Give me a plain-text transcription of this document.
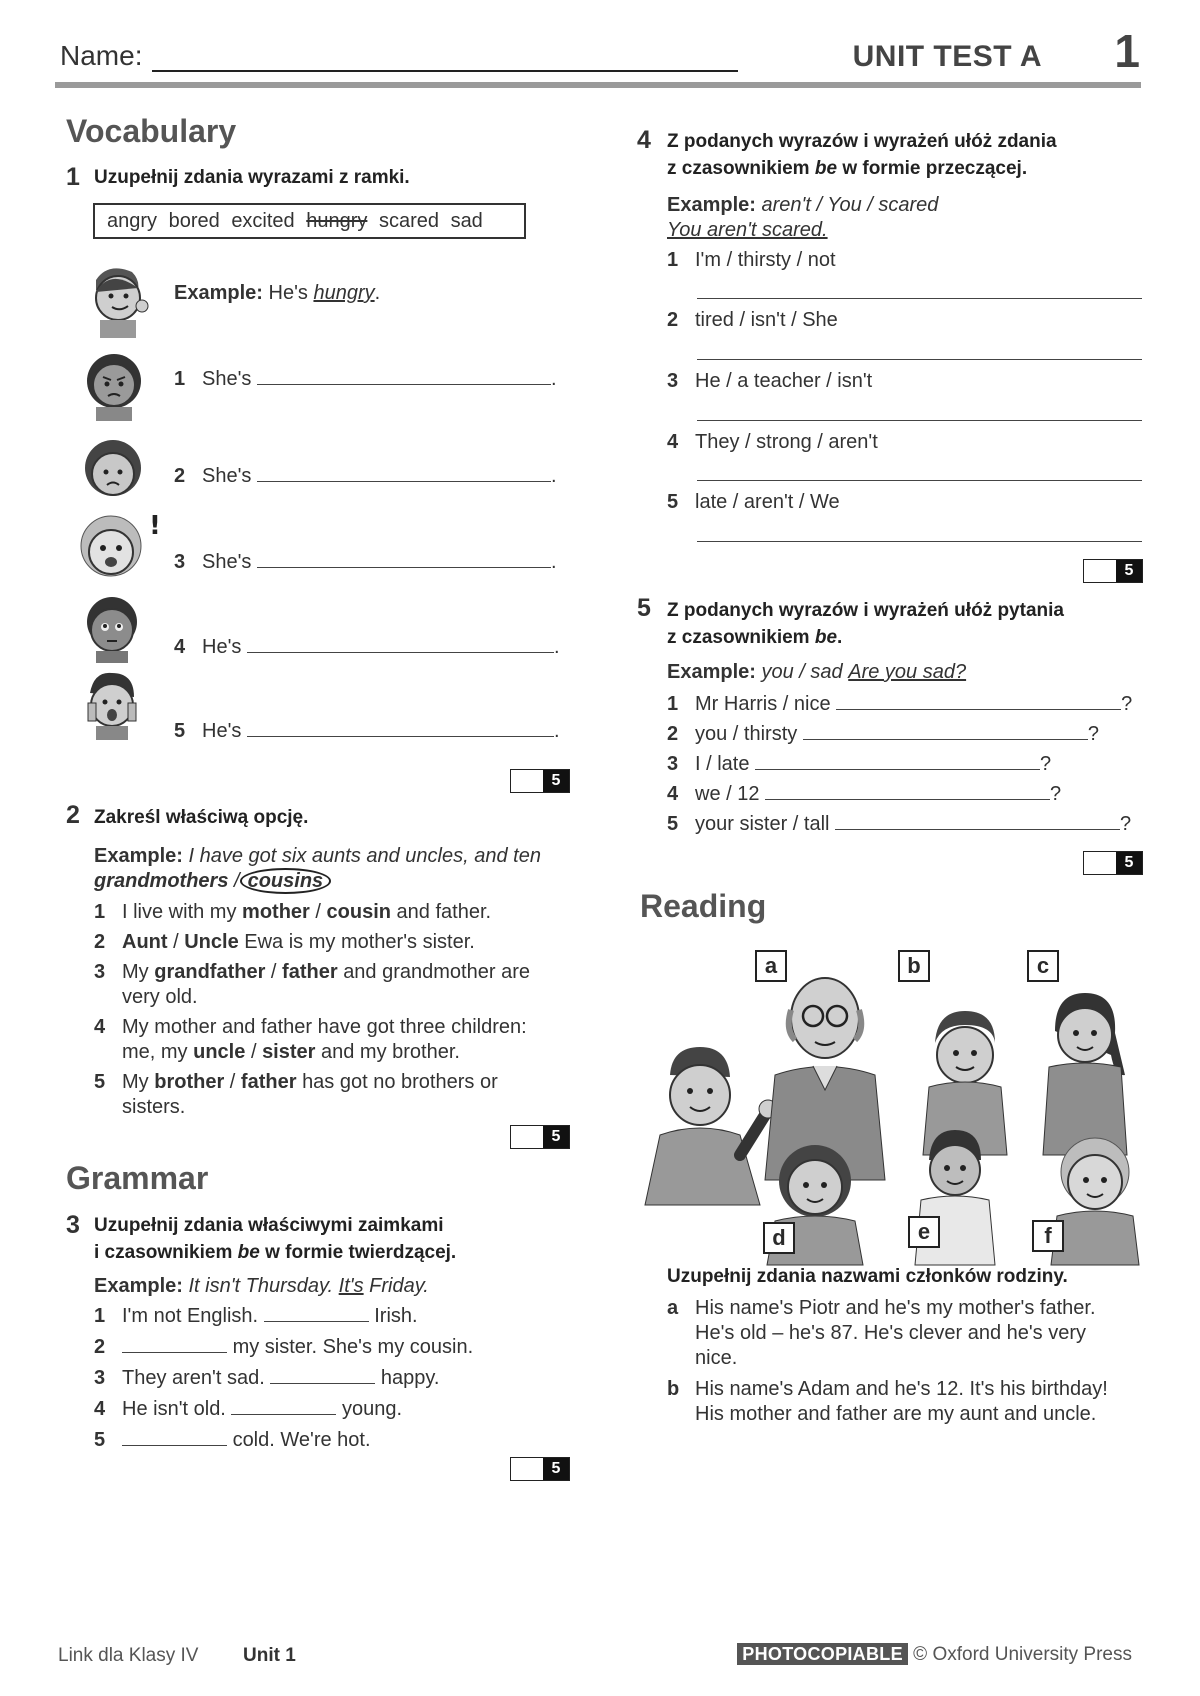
Name:	UNIT TEST A 1
Vocabulary
1 Uzupełnij zdania wyrazami z ramki.
angry bored excited hungry scared sad
!
Example: He's hungry.
1 She's	.
2 She's	.
3 She's	.
4 He's	.
5 He's	.
5
2 Zakreśl właściwą opcję.
Example: I have got six aunts and uncles, and ten
grandmothers / cousins
1 I live with my mother / cousin and father.
2 Aunt / Uncle Ewa is my mother's sister.
3 My grandfather / father and grandmother are
very old.
4 My mother and father have got three children:
me, my uncle / sister and my brother.
5 My brother / father has got no brothers or
sisters.
5
Grammar
3 Uzupełnij zdania właściwymi zaimkami
i czasownikiem be w formie twierdzącej.
Example: It isn't Thursday. It's Friday.
1 I'm not English.	Irish.
2	my sister. She's my cousin.
3 They aren't sad.	happy.
4 He isn't old.	young.
5	cold. We're hot.
5
4 Z podanych wyrazów i wyrażeń ułóż zdania
z czasownikiem be w formie przeczącej.
Example: aren't / You / scared
You aren't scared.
1 I'm / thirsty / not
2 tired / isn't / She
3 He / a teacher / isn't
4 They / strong / aren't
5 late / aren't / We
5
5 Z podanych wyrazów i wyrażeń ułóż pytania
z czasownikiem be.
Example: you / sad Are you sad?
1 Mr Harris / nice	?
2 you / thirsty	?
3 I / late	?
4 we / 12	?
5 your sister / tall	?
5
Reading
a	b	c
d	e	f
Uzupełnij zdania nazwami członków rodziny.
a His name's Piotr and he's my mother's father.
He's old – he's 87. He's clever and he's very
nice.
b His name's Adam and he's 12. It's his birthday!
His mother and father are my aunt and uncle.
Link dla Klasy IV Unit 1	PHOTOCOPIABLE © Oxford University Press
